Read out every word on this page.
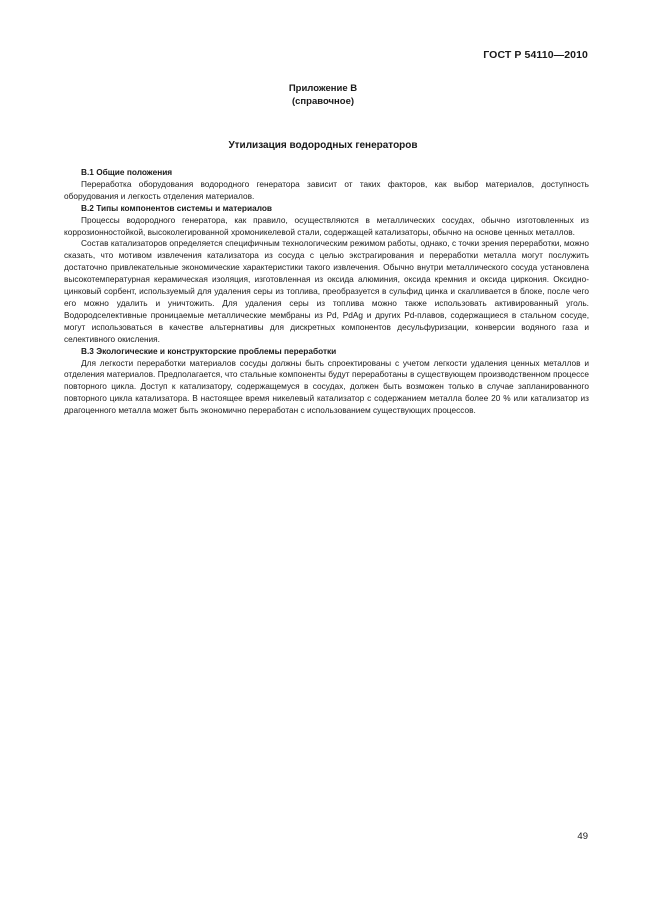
ГОСТ Р 54110—2010
Приложение В
(справочное)
Утилизация водородных генераторов

В.1 Общие положения

Переработка оборудования водородного генератора зависит от таких факторов, как выбор материалов, доступность оборудования и легкость отделения материалов.

В.2 Типы компонентов системы и материалов

Процессы водородного генератора, как правило, осуществляются в металлических сосудах, обычно изготовленных из коррозионностойкой, высоколегированной хромоникелевой стали, содержащей катализаторы, обычно на основе ценных металлов.

Состав катализаторов определяется специфичным технологическим режимом работы, однако, с точки зрения переработки, можно сказать, что мотивом извлечения катализатора из сосуда с целью экстрагирования и переработки металла могут послужить достаточно привлекательные экономические характеристики такого извлечения. Обычно внутри металлического сосуда установлена высокотемпературная керамическая изоляция, изготовленная из оксида алюминия, оксида кремния и оксида циркония. Оксидно-цинковый сорбент, используемый для удаления серы из топлива, преобразуется в сульфид цинка и скалливается в блоке, после чего его можно удалить и уничтожить. Для удаления серы из топлива можно также использовать активированный уголь. Водородселективные проницаемые металлические мембраны из Pd, PdAg и других Pd-плавов, содержащиеся в стальном сосуде, могут использоваться в качестве альтернативы для дискретных компонентов десульфуризации, конверсии водяного газа и селективного окисления.

В.3 Экологические и конструкторские проблемы переработки

Для легкости переработки материалов сосуды должны быть спроектированы с учетом легкости удаления ценных металлов и отделения материалов. Предполагается, что стальные компоненты будут переработаны в существующем производственном процессе повторного цикла. Доступ к катализатору, содержащемуся в сосудах, должен быть возможен только в случае запланированного повторного цикла катализатора. В настоящее время никелевый катализатор с содержанием металла более 20 % или катализатор из драгоценного металла может быть экономично переработан с использованием существующих процессов.

49
